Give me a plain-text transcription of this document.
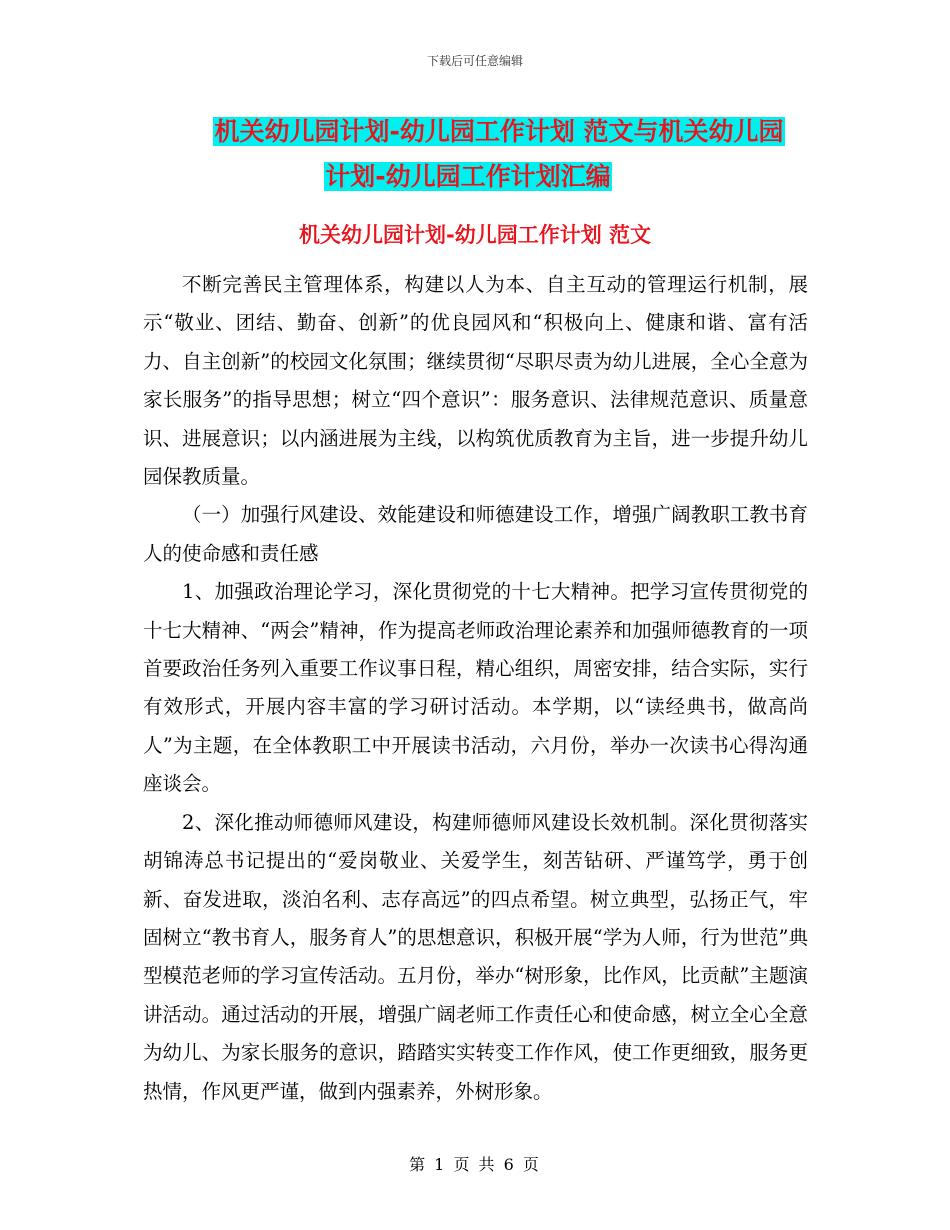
下载后可任意编辑
机关幼儿园计划-幼儿园工作计划 范文与机关幼儿园
计划-幼儿园工作计划汇编
机关幼儿园计划-幼儿园工作计划 范文

不断完善民主管理体系，构建以人为本、自主互动的管理运行机制，展示“敬业、团结、勤奋、创新”的优良园风和“积极向上、健康和谐、富有活力、自主创新”的校园文化氛围；继续贯彻“尽职尽责为幼儿进展，全心全意为家长服务”的指导思想；树立“四个意识”：服务意识、法律规范意识、质量意识、进展意识；以内涵进展为主线，以构筑优质教育为主旨，进一步提升幼儿园保教质量。

（一）加强行风建设、效能建设和师德建设工作，增强广阔教职工教书育人的使命感和责任感

1、加强政治理论学习，深化贯彻党的十七大精神。把学习宣传贯彻党的十七大精神、“两会”精神，作为提高老师政治理论素养和加强师德教育的一项首要政治任务列入重要工作议事日程，精心组织，周密安排，结合实际，实行有效形式，开展内容丰富的学习研讨活动。本学期，以“读经典书，做高尚人”为主题，在全体教职工中开展读书活动，六月份，举办一次读书心得沟通座谈会。

2、深化推动师德师风建设，构建师德师风建设长效机制。深化贯彻落实胡锦涛总书记提出的“爱岗敬业、关爱学生，刻苦钻研、严谨笃学，勇于创新、奋发进取，淡泊名利、志存高远”的四点希望。树立典型，弘扬正气，牢固树立“教书育人，服务育人”的思想意识，积极开展“学为人师，行为世范”典型模范老师的学习宣传活动。五月份，举办“树形象，比作风，比贡献”主题演讲活动。通过活动的开展，增强广阔老师工作责任心和使命感，树立全心全意为幼儿、为家长服务的意识，踏踏实实转变工作作风，使工作更细致，服务更热情，作风更严谨，做到内强素养，外树形象。

第 1 页 共 6 页
